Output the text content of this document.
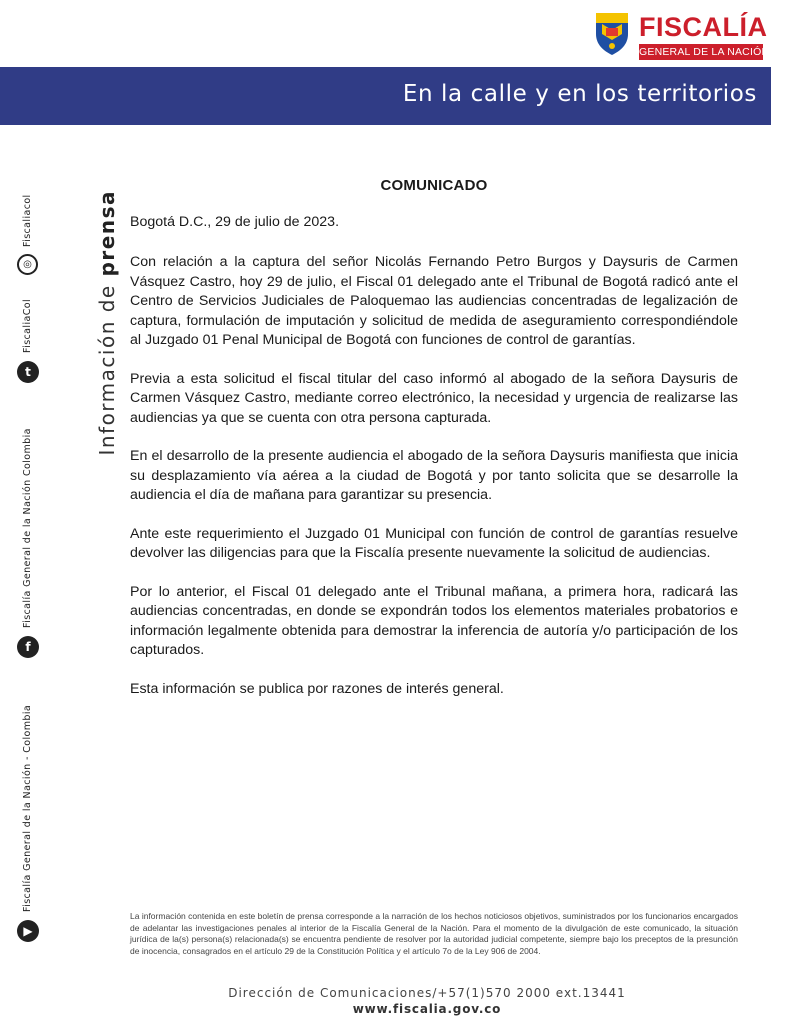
FISCALÍA
GENERAL DE LA NACIÓN
En la calle y en los territorios
Información de prensa
Fiscaliacol
◎
FiscaliaCol
t
Fiscalía General de la Nación Colombia
f
Fiscalía General de la Nación - Colombia
▶
COMUNICADO

Bogotá D.C., 29 de julio de 2023.

Con relación a la captura del señor Nicolás Fernando Petro Burgos y Daysuris de Carmen Vásquez Castro, hoy 29 de julio, el Fiscal 01 delegado ante el Tribunal de Bogotá radicó ante el Centro de Servicios Judiciales de Paloquemao las audiencias concentradas de legalización de captura, formulación de imputación y solicitud de medida de aseguramiento correspondiéndole al Juzgado 01 Penal Municipal de Bogotá con funciones de control de garantías.

Previa a esta solicitud el fiscal titular del caso informó al abogado de la señora Daysuris de Carmen Vásquez Castro, mediante correo electrónico, la necesidad y urgencia de realizarse las audiencias ya que se cuenta con otra persona capturada.

En el desarrollo de la presente audiencia el abogado de la señora Daysuris manifiesta que inicia su desplazamiento vía aérea a la ciudad de Bogotá y por tanto solicita que se desarrolle la audiencia el día de mañana para garantizar su presencia.

Ante este requerimiento el Juzgado 01 Municipal con función de control de garantías resuelve devolver las diligencias para que la Fiscalía presente nuevamente la solicitud de audiencias.

Por lo anterior, el Fiscal 01 delegado ante el Tribunal mañana, a primera hora, radicará las audiencias concentradas, en donde se expondrán todos los elementos materiales probatorios e información legalmente obtenida para demostrar la inferencia de autoría y/o participación de los capturados.

Esta información se publica por razones de interés general.

La información contenida en este boletín de prensa corresponde a la narración de los hechos noticiosos objetivos, suministrados por los funcionarios encargados de adelantar las investigaciones penales al interior de la Fiscalía General de la Nación. Para el momento de la divulgación de este comunicado, la situación jurídica de la(s) persona(s) relacionada(s) se encuentra pendiente de resolver por la autoridad judicial competente, siempre bajo los preceptos de la presunción de inocencia, consagrados en el artículo 29 de la Constitución Política y el artículo 7o de la Ley 906 de 2004.
Dirección de Comunicaciones/+57(1)570 2000 ext.13441
www.fiscalia.gov.co
